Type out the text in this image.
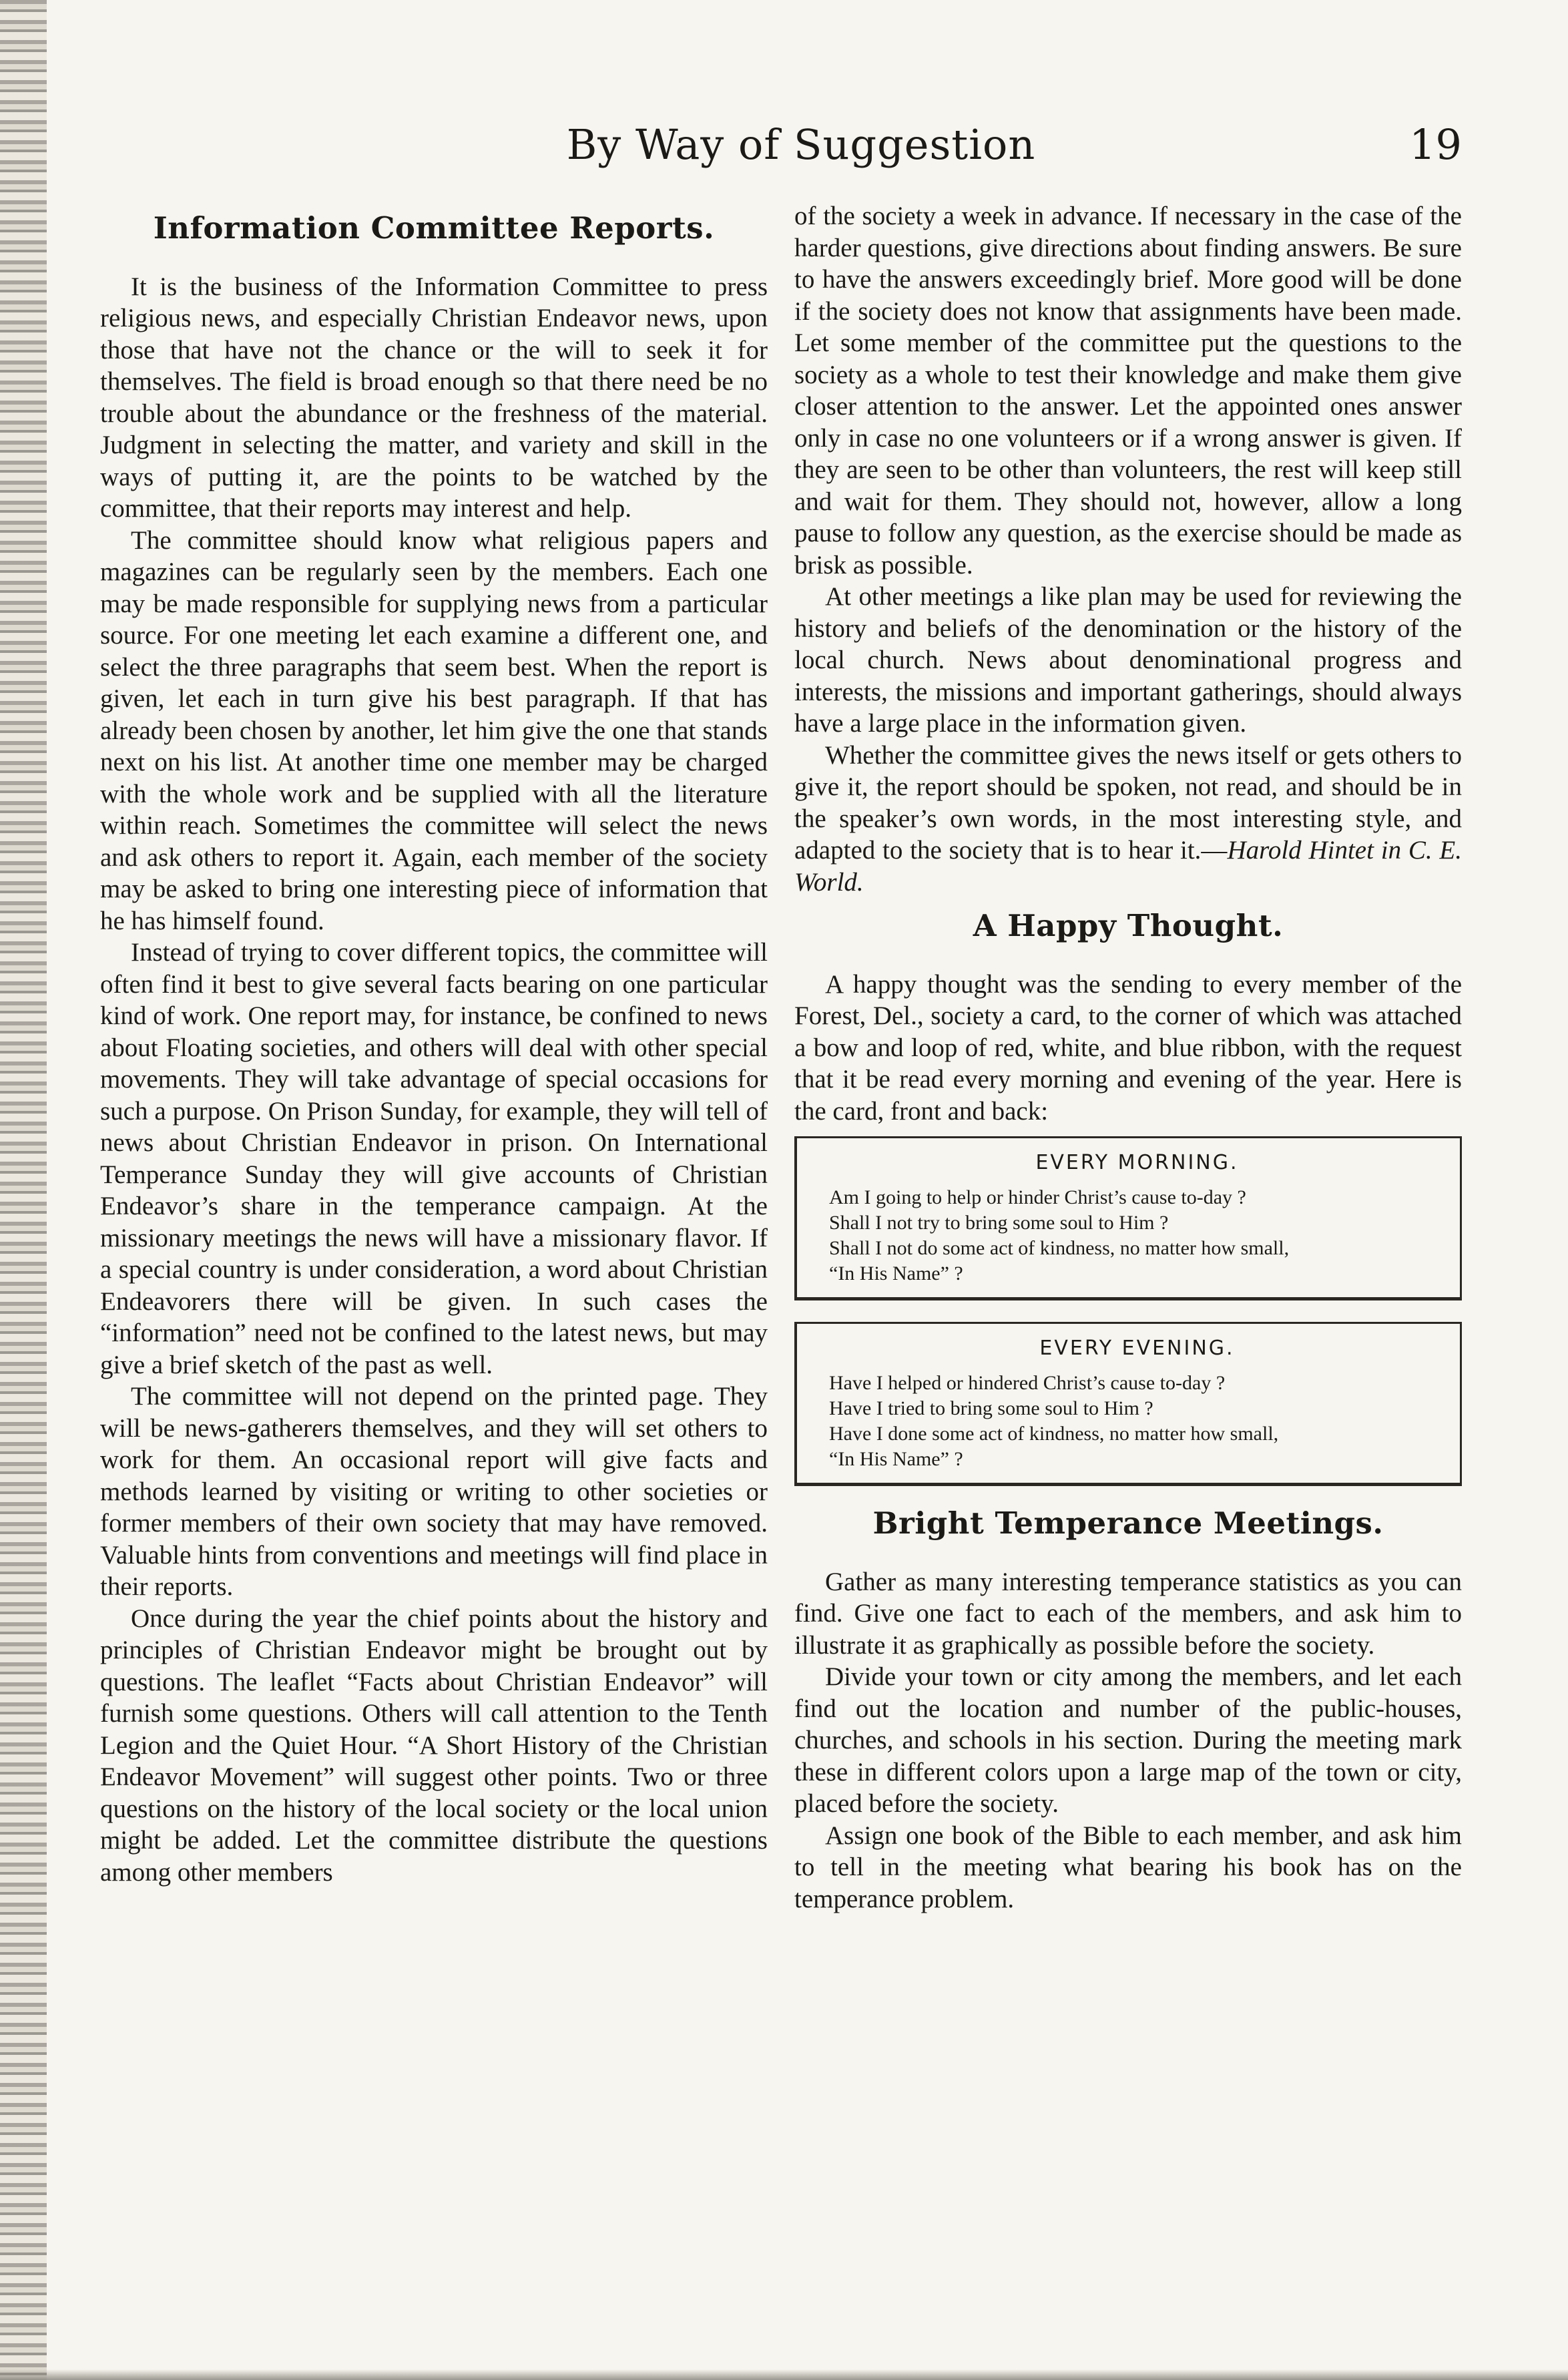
By Way of Suggestion	19
Information Committee Reports.

It is the business of the Information Committee to press religious news, and especially Christian Endeavor news, upon those that have not the chance or the will to seek it for themselves. The field is broad enough so that there need be no trouble about the abundance or the freshness of the material. Judgment in selecting the matter, and variety and skill in the ways of putting it, are the points to be watched by the committee, that their reports may interest and help.

The committee should know what religious papers and magazines can be regularly seen by the members. Each one may be made responsible for supplying news from a particular source. For one meeting let each examine a different one, and select the three paragraphs that seem best. When the report is given, let each in turn give his best paragraph. If that has already been chosen by another, let him give the one that stands next on his list. At another time one member may be charged with the whole work and be supplied with all the literature within reach. Sometimes the committee will select the news and ask others to report it. Again, each member of the society may be asked to bring one interesting piece of information that he has himself found.

Instead of trying to cover different topics, the committee will often find it best to give several facts bearing on one particular kind of work. One report may, for instance, be confined to news about Floating societies, and others will deal with other special movements. They will take advantage of special occasions for such a purpose. On Prison Sunday, for example, they will tell of news about Christian Endeavor in prison. On International Temperance Sunday they will give accounts of Christian Endeavor’s share in the temperance campaign. At the missionary meetings the news will have a missionary flavor. If a special country is under consideration, a word about Christian Endeavorers there will be given. In such cases the “information” need not be confined to the latest news, but may give a brief sketch of the past as well.

The committee will not depend on the printed page. They will be news-gatherers themselves, and they will set others to work for them. An occasional report will give facts and methods learned by visiting or writing to other societies or former members of their own society that may have removed. Valuable hints from conventions and meetings will find place in their reports.

Once during the year the chief points about the history and principles of Christian Endeavor might be brought out by questions. The leaflet “Facts about Christian Endeavor” will furnish some questions. Others will call attention to the Tenth Legion and the Quiet Hour. “A Short History of the Christian Endeavor Movement” will suggest other points. Two or three questions on the history of the local society or the local union might be added. Let the committee distribute the questions among other members

of the society a week in advance. If necessary in the case of the harder questions, give directions about finding answers. Be sure to have the answers exceedingly brief. More good will be done if the society does not know that assignments have been made. Let some member of the committee put the questions to the society as a whole to test their knowledge and make them give closer attention to the answer. Let the appointed ones answer only in case no one volunteers or if a wrong answer is given. If they are seen to be other than volunteers, the rest will keep still and wait for them. They should not, however, allow a long pause to follow any question, as the exercise should be made as brisk as possible.

At other meetings a like plan may be used for reviewing the history and beliefs of the denomination or the history of the local church. News about denominational progress and interests, the missions and important gatherings, should always have a large place in the information given.

Whether the committee gives the news itself or gets others to give it, the report should be spoken, not read, and should be in the speaker’s own words, in the most interesting style, and adapted to the society that is to hear it.—Harold Hintet in C. E. World.

A Happy Thought.

A happy thought was the sending to every member of the Forest, Del., society a card, to the corner of which was attached a bow and loop of red, white, and blue ribbon, with the request that it be read every morning and evening of the year. Here is the card, front and back:

EVERY MORNING.
Am I going to help or hinder Christ’s cause to-day ?
Shall I not try to bring some soul to Him ?
Shall I not do some act of kindness, no matter how small,
“In His Name” ?
EVERY EVENING.
Have I helped or hindered Christ’s cause to-day ?
Have I tried to bring some soul to Him ?
Have I done some act of kindness, no matter how small,
“In His Name” ?
Bright Temperance Meetings.

Gather as many interesting temperance statistics as you can find. Give one fact to each of the members, and ask him to illustrate it as graphically as possible before the society.

Divide your town or city among the members, and let each find out the location and number of the public-houses, churches, and schools in his section. During the meeting mark these in different colors upon a large map of the town or city, placed before the society.

Assign one book of the Bible to each member, and ask him to tell in the meeting what bearing his book has on the temperance problem.
